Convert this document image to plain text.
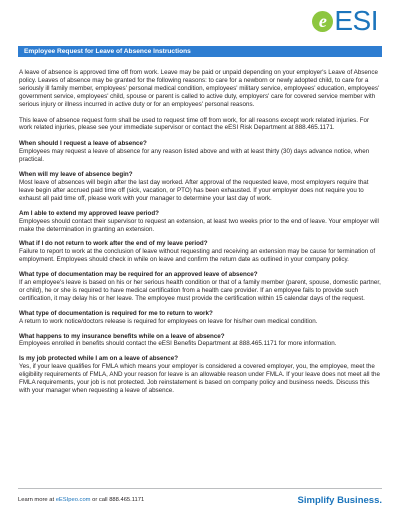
e ESI
Employee Request for Leave of Absence Instructions

A leave of absence is approved time off from work. Leave may be paid or unpaid depending on your employer's Leave of Absence policy. Leaves of absence may be granted for the following reasons: to care for a newborn or newly adopted child, to care for a seriously ill family member, employees' personal medical condition, employees' military service, employees' education, employees' government service, employees' child, spouse or parent is called to active duty, employers' care for covered service member with serious injury or illness incurred in active duty or for an employees' personal reasons.

This leave of absence request form shall be used to request time off from work, for all reasons except work related injuries. For work related injuries, please see your immediate supervisor or contact the eESI Risk Department at 888.465.1171.

When should I request a leave of absence?

Employees may request a leave of absence for any reason listed above and with at least thirty (30) days advance notice, when practical.

When will my leave of absence begin?

Most leave of absences will begin after the last day worked. After approval of the requested leave, most employers require that leave begin after accrued paid time off (sick, vacation, or PTO) has been exhausted. If your employer does not require you to exhaust all paid time off, please work with your manager to determine your last day of work.

Am I able to extend my approved leave period?

Employees should contact their supervisor to request an extension, at least two weeks prior to the end of leave. Your employer will make the determination in granting an extension.

What if I do not return to work after the end of my leave period?

Failure to report to work at the conclusion of leave without requesting and receiving an extension may be cause for termination of employment. Employees should check in while on leave and confirm the return date as outlined in your company policy.

What type of documentation may be required for an approved leave of absence?

If an employee's leave is based on his or her serious health condition or that of a family member (parent, spouse, domestic partner, or child), he or she is required to have medical certification from a health care provider. If an employee fails to provide such certification, it may delay his or her leave. The employee must provide the certification within 15 calendar days of the request.

What type of documentation is required for me to return to work?

A return to work notice/doctors release is required for employees on leave for his/her own medical condition.

What happens to my insurance benefits while on a leave of absence?

Employees enrolled in benefits should contact the eESI Benefits Department at 888.465.1171 for more information.

Is my job protected while I am on a leave of absence?

Yes, if your leave qualifies for FMLA which means your employer is considered a covered employer, you, the employee, meet the eligibility requirements of FMLA, AND your reason for leave is an allowable reason under FMLA. If your leave does not meet all the FMLA requirements, your job is not protected. Job reinstatement is based on company policy and business needs. Discuss this with your manager when requesting a leave of absence.

Learn more at eESIpeo.com or call 888.465.1171	Simplify Business.
